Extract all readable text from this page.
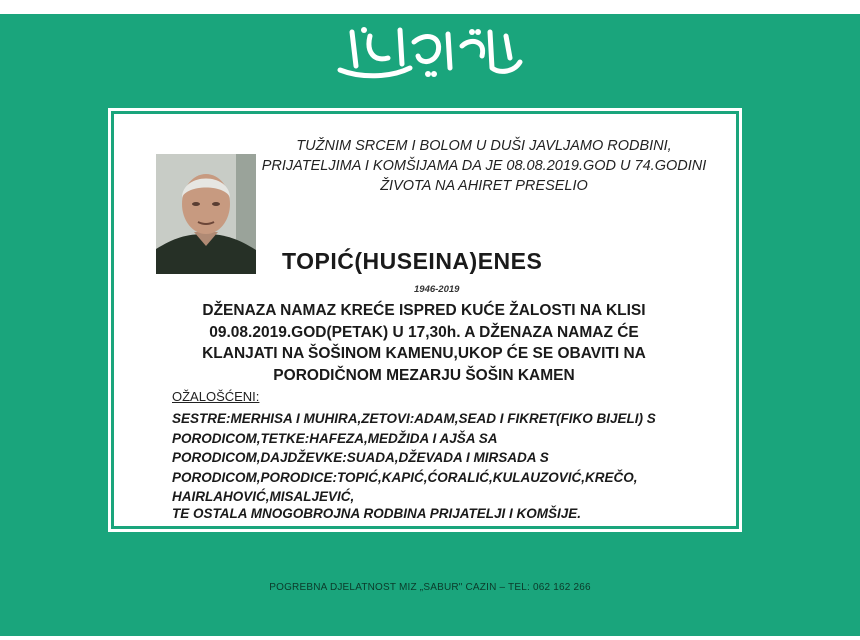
TUŽNIM SRCEM I BOLOM U DUŠI JAVLJAMO RODBINI, PRIJATELJIMA I KOMŠIJAMA DA JE 08.08.2019.GOD U 74.GODINI ŽIVOTA NA AHIRET PRESELIO
TOPIĆ(HUSEINA)ENES
1946-2019
DŽENAZA NAMAZ KREĆE ISPRED KUĆE ŽALOSTI NA KLISI 09.08.2019.GOD(PETAK) U 17,30h. A DŽENAZA NAMAZ ĆE KLANJATI NA ŠOŠINOM KAMENU,UKOP ĆE SE OBAVITI NA PORODIČNOM MEZARJU ŠOŠIN KAMEN
OŽALOŠĆENI:

SESTRE:MERHISA I MUHIRA,ZETOVI:ADAM,SEAD I FIKRET(FIKO BIJELI) S

PORODICOM,TETKE:HAFEZA,MEDŽIDA I AJŠA SA

PORODICOM,DAJDŽEVKE:SUADA,DŽEVADA I MIRSADA S

PORODICOM,PORODICE:TOPIĆ,KAPIĆ,ĆORALIĆ,KULAUZOVIĆ,KREČO,

HAIRLAHOVIĆ,MISALJEVIĆ,

TE OSTALA MNOGOBROJNA RODBINA PRIJATELJI I KOMŠIJE.
POGREBNA DJELATNOST MIZ „SABUR" CAZIN – TEL: 062 162 266
